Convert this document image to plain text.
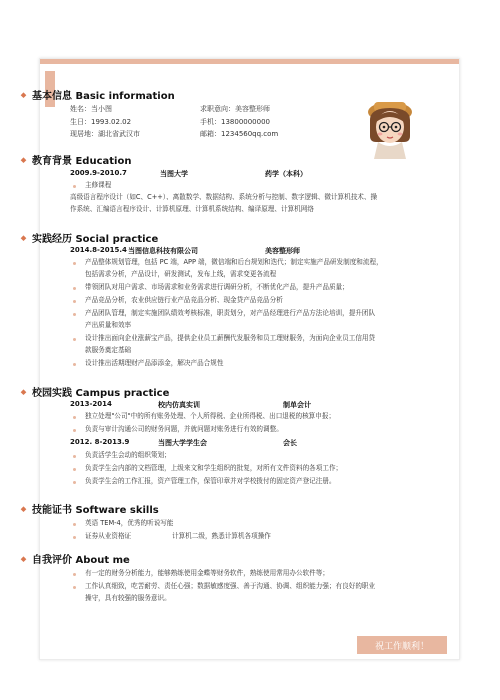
基本信息 Basic information
姓名：当小图	求职意向：美容整形师
生日：1993.02.02	手机：13800000000
现居地：湖北省武汉市	邮箱：1234560qq.com
教育背景 Education
2009.9-2010.7	当图大学	药学（本科）
主修课程
高级语言程序设计（如C、C++）、离散数学、数据结构、系统分析与控制、数字逻辑、微计算机技术、操
作系统、汇编语言程序设计、计算机原理、计算机系统结构、编译原理、计算机网络
实践经历 Social practice
2014.8-2015.4 当图信息科技有限公司	美容整形师
产品整体规划管理，包括 PC 端，APP 端，微信端和后台规划和迭代；制定实施产品研发制度和流程，
包括需求分析，产品设计，研发测试，发布上线，需求变更各流程
带领团队对用户需求、市场需求和业务需求进行调研分析，不断优化产品，提升产品质量；
产品竞品分析，农业供应链行业产品竞品分析、现金贷产品竞品分析
产品团队管理，制定实施团队绩效考核标准，职责划分，对产品经理进行产品方法论培训，提升团队
产出质量和效率
设计推出面向企业涨薪宝产品，提供企业员工薪酬代发服务和员工理财服务，为面向企业员工信用贷
款服务奠定基础
设计推出活期理财产品添添金，解决产品合规性
校园实践 Campus practice
2013-2014	校内仿真实训	制单会计
独立处理"公司"中的所有账务处理、个人所得税、企业所得税、出口退税的核算申报；
负责与审计沟通公司的财务问题，并就问题对账务进行有效的调整。
2012. 8-2013.9	当图大学学生会	会长
负责活学生会动的组织策划；
负责学生会内部的文档管理，上级来文和学生组织的批复，对所有文件资料的各项工作；
负责学生会的工作汇报，资产管理工作，保管印章并对学校拨付的固定资产登记注册。
技能证书 Software skills
英语 TEM-4，优秀的听说写能
证券从业资格证	计算机二级，熟悉计算机各项操作
自我评价 About me
有一定的财务分析能力，能够熟练使用金蝶等财务软件，熟练使用常用办公软件等；
工作认真细致，吃苦耐劳、责任心强；数据敏感度强、善于沟通、协调、组织能力强；有良好的职业
操守，具有较强的服务意识。
祝工作顺利！
